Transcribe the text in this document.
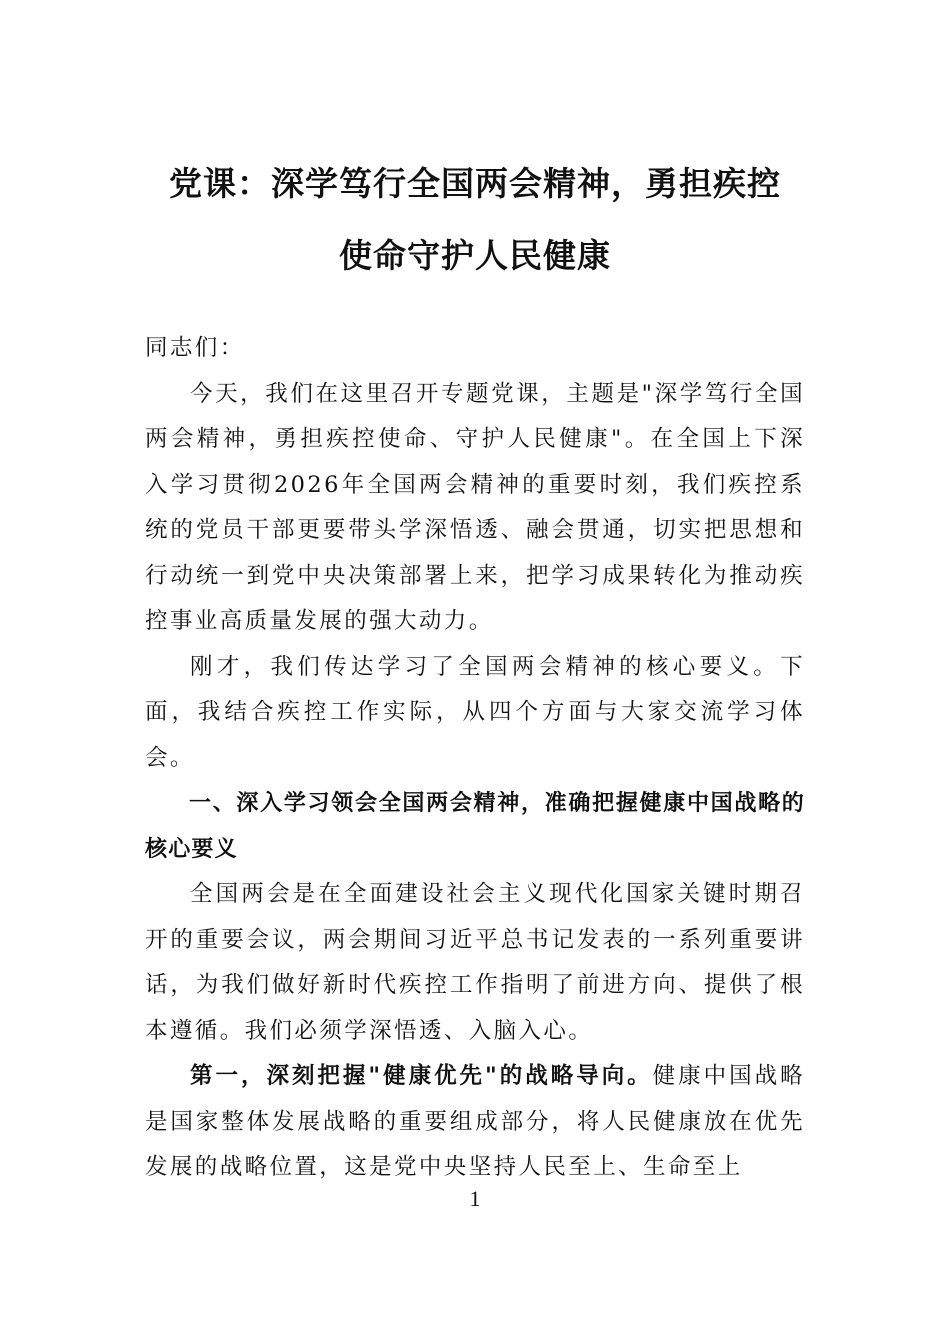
党课：深学笃行全国两会精神，勇担疾控
使命守护人民健康

同志们：

今天，我们在这里召开专题党课，主题是"深学笃行全国两会精神，勇担疾控使命、守护人民健康"。在全国上下深入学习贯彻2026年全国两会精神的重要时刻，我们疾控系统的党员干部更要带头学深悟透、融会贯通，切实把思想和行动统一到党中央决策部署上来，把学习成果转化为推动疾控事业高质量发展的强大动力。

刚才，我们传达学习了全国两会精神的核心要义。下面，我结合疾控工作实际，从四个方面与大家交流学习体会。

一、深入学习领会全国两会精神，准确把握健康中国战略的核心要义

全国两会是在全面建设社会主义现代化国家关键时期召开的重要会议，两会期间习近平总书记发表的一系列重要讲话，为我们做好新时代疾控工作指明了前进方向、提供了根本遵循。我们必须学深悟透、入脑入心。

第一，深刻把握"健康优先"的战略导向。健康中国战略是国家整体发展战略的重要组成部分，将人民健康放在优先发展的战略位置，这是党中央坚持人民至上、生命至上

1
